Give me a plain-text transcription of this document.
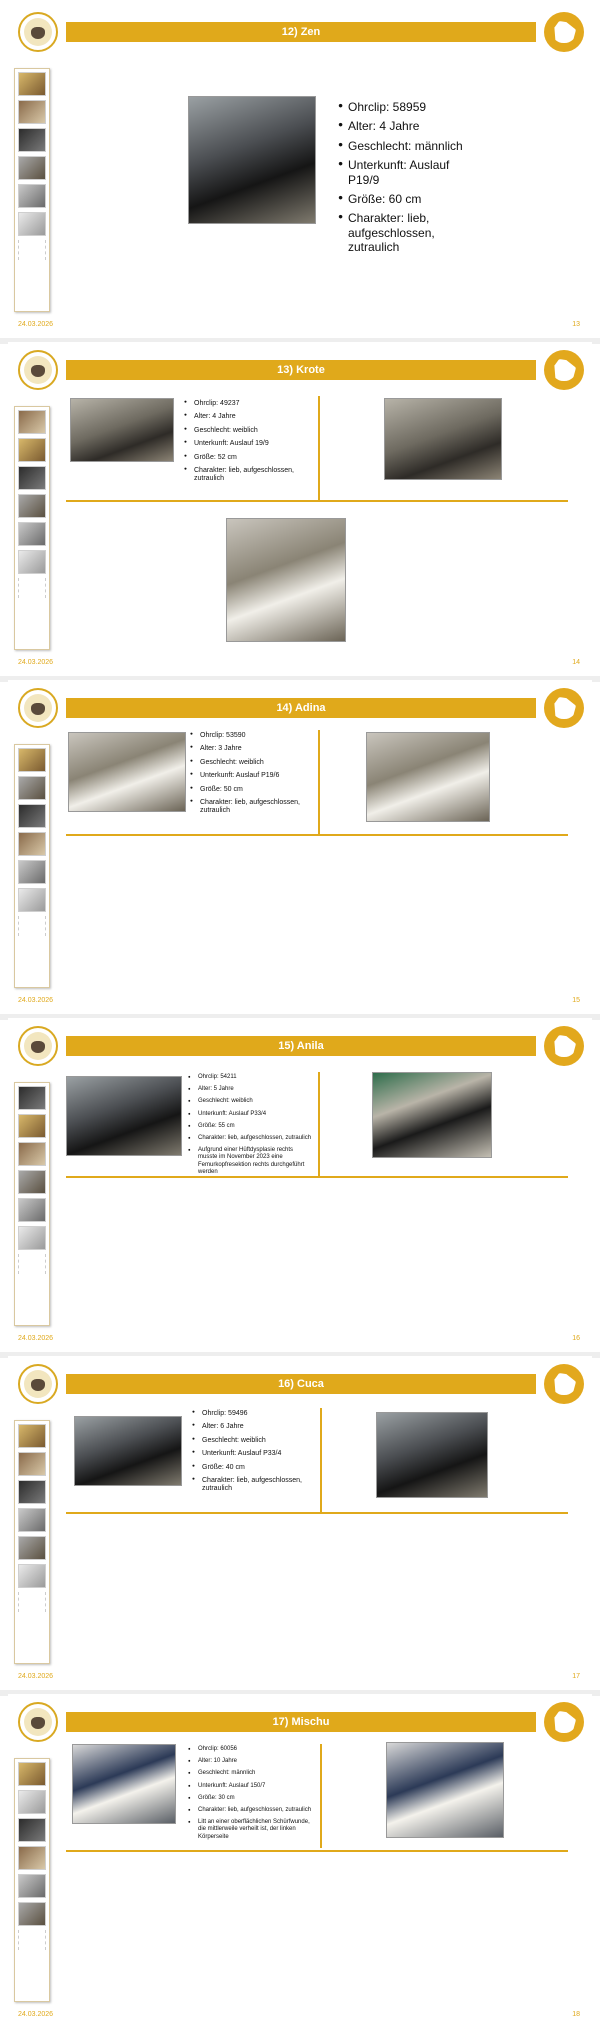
12) Zen
● Ohrclip: 58959
● Alter: 4 Jahre
● Geschlecht: männlich
● Unterkunft: Auslauf P19/9
● Größe: 60 cm
● Charakter: lieb, aufgeschlossen, zutraulich
24.03.2026	13
13) Krote
● Ohrclip: 49237
● Alter: 4 Jahre
● Geschlecht: weiblich
● Unterkunft: Auslauf 19/9
● Größe: 52 cm
● Charakter: lieb, aufgeschlossen, zutraulich
24.03.2026	14
14) Adina
● Ohrclip: 53590
● Alter: 3 Jahre
● Geschlecht: weiblich
● Unterkunft: Auslauf P19/6
● Größe: 50 cm
● Charakter: lieb, aufgeschlossen, zutraulich
24.03.2026	15
15) Anila
● Ohrclip: 54211
● Alter: 5 Jahre
● Geschlecht: weiblich
● Unterkunft: Auslauf P33/4
● Größe: 55 cm
● Charakter: lieb, aufgeschlossen, zutraulich
● Aufgrund einer Hüftdysplasie rechts musste im November 2023 eine Femurkopfresektion rechts durchgeführt werden
24.03.2026	16
16) Cuca
● Ohrclip: 59496
● Alter: 6 Jahre
● Geschlecht: weiblich
● Unterkunft: Auslauf P33/4
● Größe: 40 cm
● Charakter: lieb, aufgeschlossen, zutraulich
24.03.2026	17
17) Mischu
● Ohrclip: 60056
● Alter: 10 Jahre
● Geschlecht: männlich
● Unterkunft: Auslauf 150/7
● Größe: 30 cm
● Charakter: lieb, aufgeschlossen, zutraulich
● Litt an einer oberflächlichen Schürfwunde, die mittlerweile verheilt ist, der linken Körperseite
24.03.2026	18
